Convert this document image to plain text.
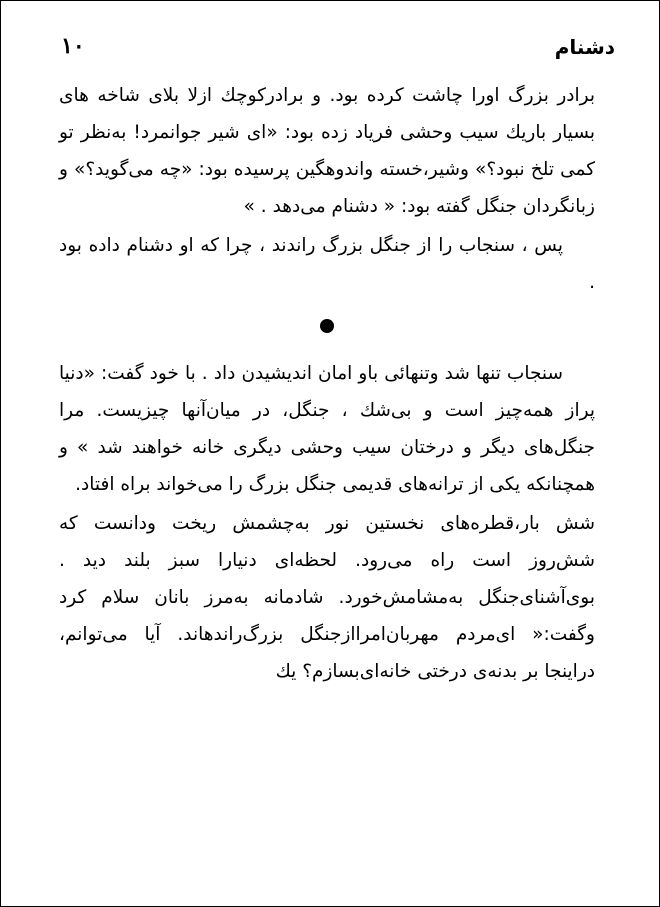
۱۰	دشنام

برادر بزرگ اورا چاشت کرده بود. و برادرکوچك ازلا بلای شاخه های بسیار باریك سیب وحشی فریاد زده بود: «ای شیر جوانمرد! به‌نظر تو کمی تلخ نبود؟» وشیر،خسته واندوهگین پرسیده بود: «چه می‌گوید؟» و زبانگردان جنگل گفته بود: « دشنام می‌دهد . »

پس ، سنجاب را از جنگل بزرگ راندند ، چرا که او دشنام داده بود .

سنجاب تنها شد وتنهائی باو امان اندیشیدن داد . با خود گفت: «دنیا پراز همه‌چیز است و بی‌شك ، جنگل، در میان‌آنها چیزیست. مرا جنگل‌های دیگر و درختان سیب وحشی دیگری خانه خواهند شد » و همچنانکه یکی از ترانه‌های قدیمی جنگل بزرگ را می‌خواند براه افتاد.

شش بار،قطره‌های نخستین نور به‌چشمش ریخت ودانست که شش‌روز است راه می‌رود. لحظه‌ای دنیارا سبز بلند دید . بوی‌آشنای‌جنگل به‌مشامش‌خورد. شادمانه به‌مرز بانان سلام کرد وگفت:« ای‌مردم مهربان‌امراازجنگل بزرگ‌راندهاند. آیا می‌توانم، دراینجا بر بدنه‌ی درختی خانه‌ای‌بسازم؟ یك
